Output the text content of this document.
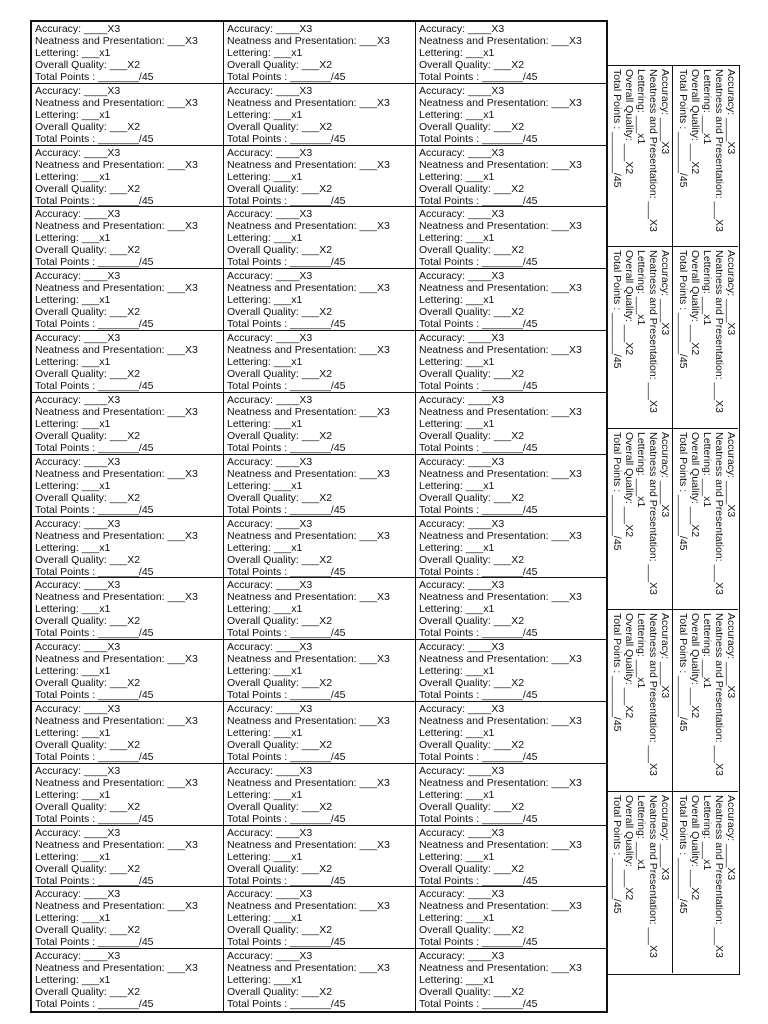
Accuracy: ____X3
Neatness and Presentation: ___X3
Lettering: ___x1
Overall Quality: ___X2
Total Points : _______/45
Accuracy: ____X3
Neatness and Presentation: ___X3
Lettering: ___x1
Overall Quality: ___X2
Total Points : _______/45
Accuracy: ____X3
Neatness and Presentation: ___X3
Lettering: ___x1
Overall Quality: ___X2
Total Points : _______/45
Accuracy: ____X3
Neatness and Presentation: ___X3
Lettering: ___x1
Overall Quality: ___X2
Total Points : _______/45
Accuracy: ____X3
Neatness and Presentation: ___X3
Lettering: ___x1
Overall Quality: ___X2
Total Points : _______/45
Accuracy: ____X3
Neatness and Presentation: ___X3
Lettering: ___x1
Overall Quality: ___X2
Total Points : _______/45
Accuracy: ____X3
Neatness and Presentation: ___X3
Lettering: ___x1
Overall Quality: ___X2
Total Points : _______/45
Accuracy: ____X3
Neatness and Presentation: ___X3
Lettering: ___x1
Overall Quality: ___X2
Total Points : _______/45
Accuracy: ____X3
Neatness and Presentation: ___X3
Lettering: ___x1
Overall Quality: ___X2
Total Points : _______/45
Accuracy: ____X3
Neatness and Presentation: ___X3
Lettering: ___x1
Overall Quality: ___X2
Total Points : _______/45
Accuracy: ____X3
Neatness and Presentation: ___X3
Lettering: ___x1
Overall Quality: ___X2
Total Points : _______/45
Accuracy: ____X3
Neatness and Presentation: ___X3
Lettering: ___x1
Overall Quality: ___X2
Total Points : _______/45
Accuracy: ____X3
Neatness and Presentation: ___X3
Lettering: ___x1
Overall Quality: ___X2
Total Points : _______/45
Accuracy: ____X3
Neatness and Presentation: ___X3
Lettering: ___x1
Overall Quality: ___X2
Total Points : _______/45
Accuracy: ____X3
Neatness and Presentation: ___X3
Lettering: ___x1
Overall Quality: ___X2
Total Points : _______/45
Accuracy: ____X3
Neatness and Presentation: ___X3
Lettering: ___x1
Overall Quality: ___X2
Total Points : _______/45
Accuracy: ____X3
Neatness and Presentation: ___X3
Lettering: ___x1
Overall Quality: ___X2
Total Points : _______/45
Accuracy: ____X3
Neatness and Presentation: ___X3
Lettering: ___x1
Overall Quality: ___X2
Total Points : _______/45
Accuracy: ____X3
Neatness and Presentation: ___X3
Lettering: ___x1
Overall Quality: ___X2
Total Points : _______/45
Accuracy: ____X3
Neatness and Presentation: ___X3
Lettering: ___x1
Overall Quality: ___X2
Total Points : _______/45
Accuracy: ____X3
Neatness and Presentation: ___X3
Lettering: ___x1
Overall Quality: ___X2
Total Points : _______/45
Accuracy: ____X3
Neatness and Presentation: ___X3
Lettering: ___x1
Overall Quality: ___X2
Total Points : _______/45
Accuracy: ____X3
Neatness and Presentation: ___X3
Lettering: ___x1
Overall Quality: ___X2
Total Points : _______/45
Accuracy: ____X3
Neatness and Presentation: ___X3
Lettering: ___x1
Overall Quality: ___X2
Total Points : _______/45
Accuracy: ____X3
Neatness and Presentation: ___X3
Lettering: ___x1
Overall Quality: ___X2
Total Points : _______/45
Accuracy: ____X3
Neatness and Presentation: ___X3
Lettering: ___x1
Overall Quality: ___X2
Total Points : _______/45
Accuracy: ____X3
Neatness and Presentation: ___X3
Lettering: ___x1
Overall Quality: ___X2
Total Points : _______/45
Accuracy: ____X3
Neatness and Presentation: ___X3
Lettering: ___x1
Overall Quality: ___X2
Total Points : _______/45
Accuracy: ____X3
Neatness and Presentation: ___X3
Lettering: ___x1
Overall Quality: ___X2
Total Points : _______/45
Accuracy: ____X3
Neatness and Presentation: ___X3
Lettering: ___x1
Overall Quality: ___X2
Total Points : _______/45
Accuracy: ____X3
Neatness and Presentation: ___X3
Lettering: ___x1
Overall Quality: ___X2
Total Points : _______/45
Accuracy: ____X3
Neatness and Presentation: ___X3
Lettering: ___x1
Overall Quality: ___X2
Total Points : _______/45
Accuracy: ____X3
Neatness and Presentation: ___X3
Lettering: ___x1
Overall Quality: ___X2
Total Points : _______/45
Accuracy: ____X3
Neatness and Presentation: ___X3
Lettering: ___x1
Overall Quality: ___X2
Total Points : _______/45
Accuracy: ____X3
Neatness and Presentation: ___X3
Lettering: ___x1
Overall Quality: ___X2
Total Points : _______/45
Accuracy: ____X3
Neatness and Presentation: ___X3
Lettering: ___x1
Overall Quality: ___X2
Total Points : _______/45
Accuracy: ____X3
Neatness and Presentation: ___X3
Lettering: ___x1
Overall Quality: ___X2
Total Points : _______/45
Accuracy: ____X3
Neatness and Presentation: ___X3
Lettering: ___x1
Overall Quality: ___X2
Total Points : _______/45
Accuracy: ____X3
Neatness and Presentation: ___X3
Lettering: ___x1
Overall Quality: ___X2
Total Points : _______/45
Accuracy: ____X3
Neatness and Presentation: ___X3
Lettering: ___x1
Overall Quality: ___X2
Total Points : _______/45
Accuracy: ____X3
Neatness and Presentation: ___X3
Lettering: ___x1
Overall Quality: ___X2
Total Points : _______/45
Accuracy: ____X3
Neatness and Presentation: ___X3
Lettering: ___x1
Overall Quality: ___X2
Total Points : _______/45
Accuracy: ____X3
Neatness and Presentation: ___X3
Lettering: ___x1
Overall Quality: ___X2
Total Points : _______/45
Accuracy: ____X3
Neatness and Presentation: ___X3
Lettering: ___x1
Overall Quality: ___X2
Total Points : _______/45
Accuracy: ____X3
Neatness and Presentation: ___X3
Lettering: ___x1
Overall Quality: ___X2
Total Points : _______/45
Accuracy: ____X3
Neatness and Presentation: ___X3
Lettering: ___x1
Overall Quality: ___X2
Total Points : _______/45
Accuracy: ____X3
Neatness and Presentation: ___X3
Lettering: ___x1
Overall Quality: ___X2
Total Points : _______/45
Accuracy: ____X3
Neatness and Presentation: ___X3
Lettering: ___x1
Overall Quality: ___X2
Total Points : _______/45
Accuracy: ____X3
Neatness and Presentation: ___X3
Lettering: ___x1
Overall Quality: ___X2
Total Points : _______/45
Accuracy: ____X3
Neatness and Presentation: ___X3
Lettering: ___x1
Overall Quality: ___X2
Total Points : _______/45
Accuracy: ____X3
Neatness and Presentation: ___X3
Lettering: ___x1
Overall Quality: ___X2
Total Points : _______/45
Accuracy: ____X3
Neatness and Presentation: ___X3
Lettering: ___x1
Overall Quality: ___X2
Total Points : _______/45
Accuracy: ____X3
Neatness and Presentation: ___X3
Lettering: ___x1
Overall Quality: ___X2
Total Points : _______/45
Accuracy: ____X3
Neatness and Presentation: ___X3
Lettering: ___x1
Overall Quality: ___X2
Total Points : _______/45
Accuracy: ____X3
Neatness and Presentation: ___X3
Lettering: ___x1
Overall Quality: ___X2
Total Points : _______/45
Accuracy: ____X3
Neatness and Presentation: ___X3
Lettering: ___x1
Overall Quality: ___X2
Total Points : _______/45
Accuracy: ____X3
Neatness and Presentation: ___X3
Lettering: ___x1
Overall Quality: ___X2
Total Points : _______/45
Accuracy: ____X3
Neatness and Presentation: ___X3
Lettering: ___x1
Overall Quality: ___X2
Total Points : _______/45
